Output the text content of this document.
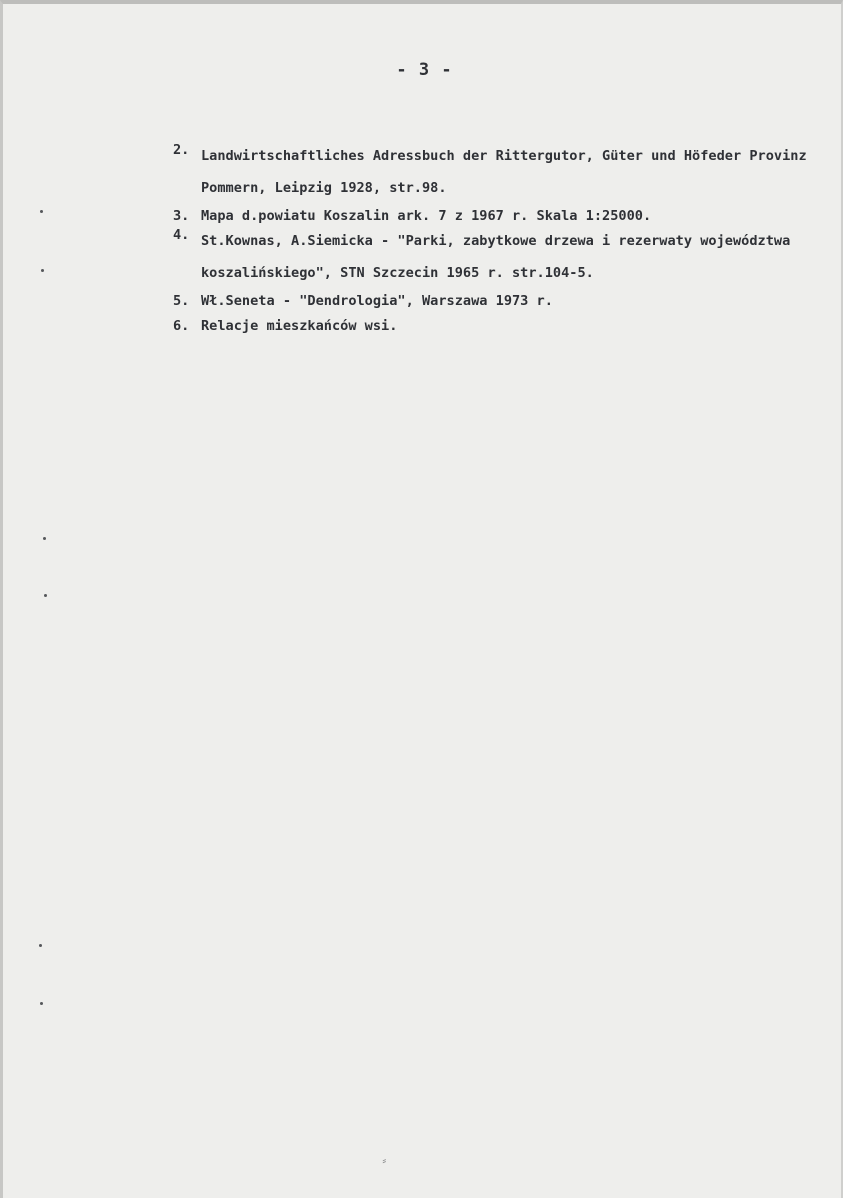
- 3 -
2. Landwirtschaftliches Adressbuch der Rittergutor, Güter und Höfeder Provinz Pommern, Leipzig 1928, str.98.
3. Mapa d.powiatu Koszalin ark. 7 z 1967 r. Skala 1:25000.
4. St.Kownas, A.Siemicka - "Parki, zabytkowe drzewa i rezerwaty województwa koszalińskiego", STN Szczecin 1965 r. str.104-5.
5. Wł.Seneta - "Dendrologia", Warszawa 1973 r.
6. Relacje mieszkańców wsi.
⸗
